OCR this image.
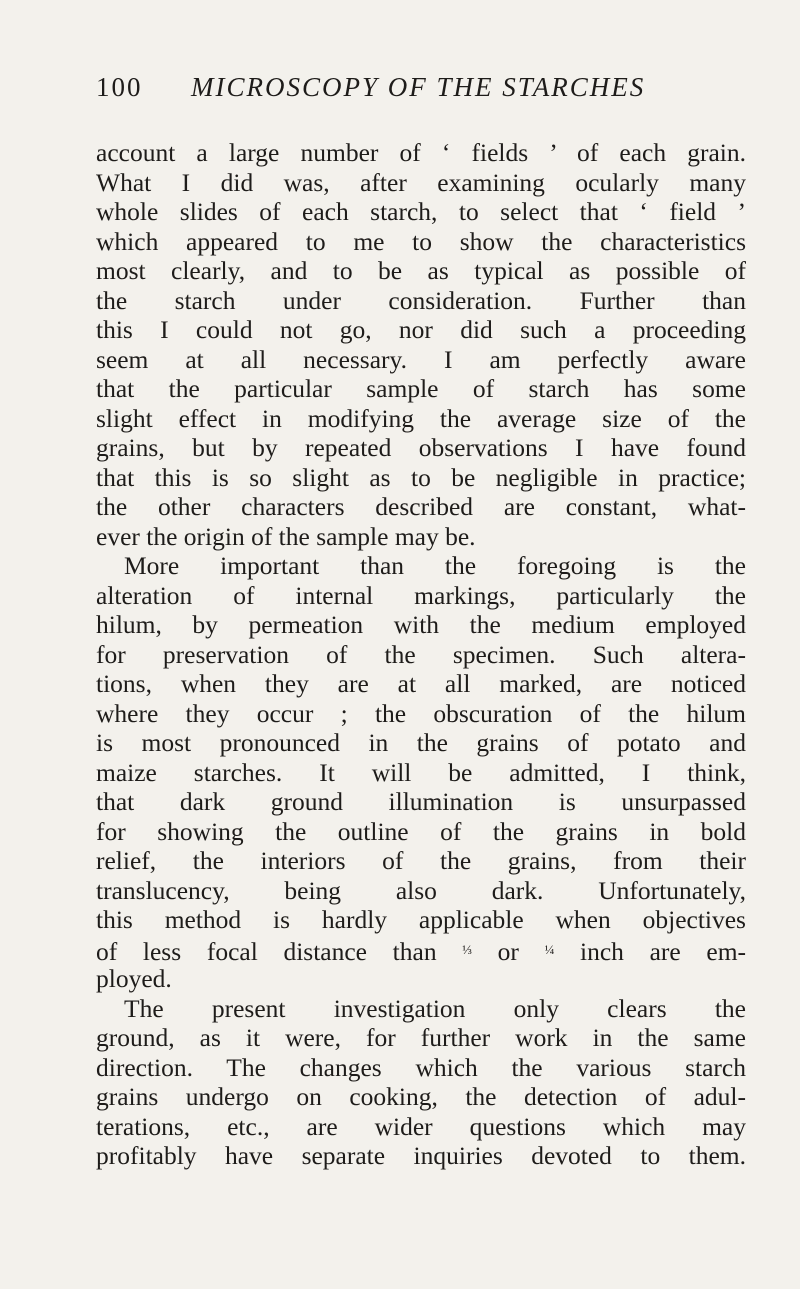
100 MICROSCOPY OF THE STARCHES
account a large number of ‘ fields ’ of each grain.
What I did was, after examining ocularly many
whole slides of each starch, to select that ‘ field ’
which appeared to me to show the characteristics
most clearly, and to be as typical as possible of
the starch under consideration. Further than
this I could not go, nor did such a proceeding
seem at all necessary. I am perfectly aware
that the particular sample of starch has some
slight effect in modifying the average size of the
grains, but by repeated observations I have found
that this is so slight as to be negligible in practice;
the other characters described are constant, what-
ever the origin of the sample may be.
More important than the foregoing is the
alteration of internal markings, particularly the
hilum, by permeation with the medium employed
for preservation of the specimen. Such altera-
tions, when they are at all marked, are noticed
where they occur ; the obscuration of the hilum
is most pronounced in the grains of potato and
maize starches. It will be admitted, I think,
that dark ground illumination is unsurpassed
for showing the outline of the grains in bold
relief, the interiors of the grains, from their
translucency, being also dark. Unfortunately,
this method is hardly applicable when objectives
of less focal distance than $^{\frac{1}{3}}$ or $^{\frac{1}{4}}$ inch are em-
ployed.
The present investigation only clears the
ground, as it were, for further work in the same
direction. The changes which the various starch
grains undergo on cooking, the detection of adul-
terations, etc., are wider questions which may
profitably have separate inquiries devoted to them.
